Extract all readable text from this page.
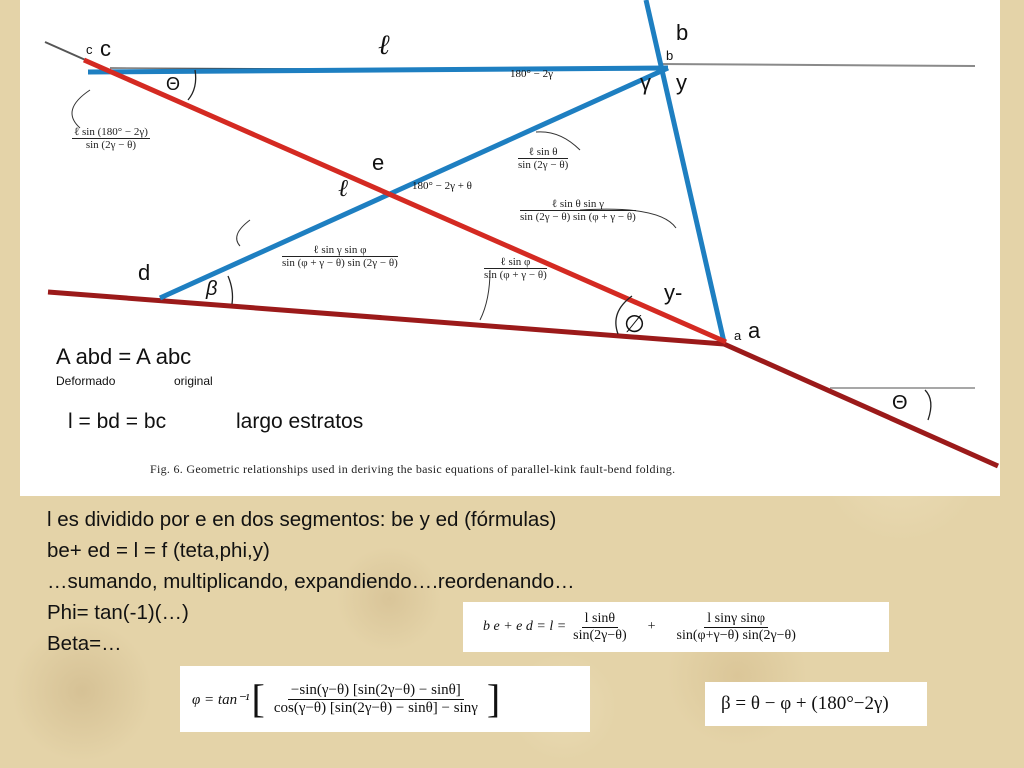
c
c
b
b
γ y
e
d
a
a
ℓ
ℓ
y-
∅
β
Θ
Θ
180° − 2γ
180° − 2γ + θ
ℓ sin (180° − 2γ)
sin (2γ − θ)
ℓ sin θ
sin (2γ − θ)
ℓ sin θ sin γ
sin (2γ − θ) sin (φ + γ − θ)
ℓ sin γ sin φ
sin (φ + γ − θ) sin (2γ − θ)	ℓ sin φ
sin (φ + γ − θ)
A abd = A abc
Deformado	original
l = bd = bc	largo estratos
Fig. 6. Geometric relationships used in deriving the basic equations of parallel-kink fault-bend folding.
l es dividido por e en dos segmentos: be y ed (fórmulas)
be+ ed = l = f (teta,phi,y)
…sumando, multiplicando, expandiendo….reordenando…
Phi= tan(-1)(…)
Beta=…
b e + e $d = l = \frac{\text{l sinθ}}{\sin(2\gamma-\theta)} + \frac{\text{l sinγ sinφ}}{\sin(\varphi+\gamma-\theta) \sin(2\gamma-\theta)}$
φ = tan⁻¹ [ $\frac{-\sin(\gamma-\theta) [\sin(2\gamma-\theta) - \sin\theta]}{\cos(\gamma-\theta) [\sin(2\gamma-\theta) - \sin\theta] - \sin\gamma}$ ]	β = θ − φ + (180°−2γ)
